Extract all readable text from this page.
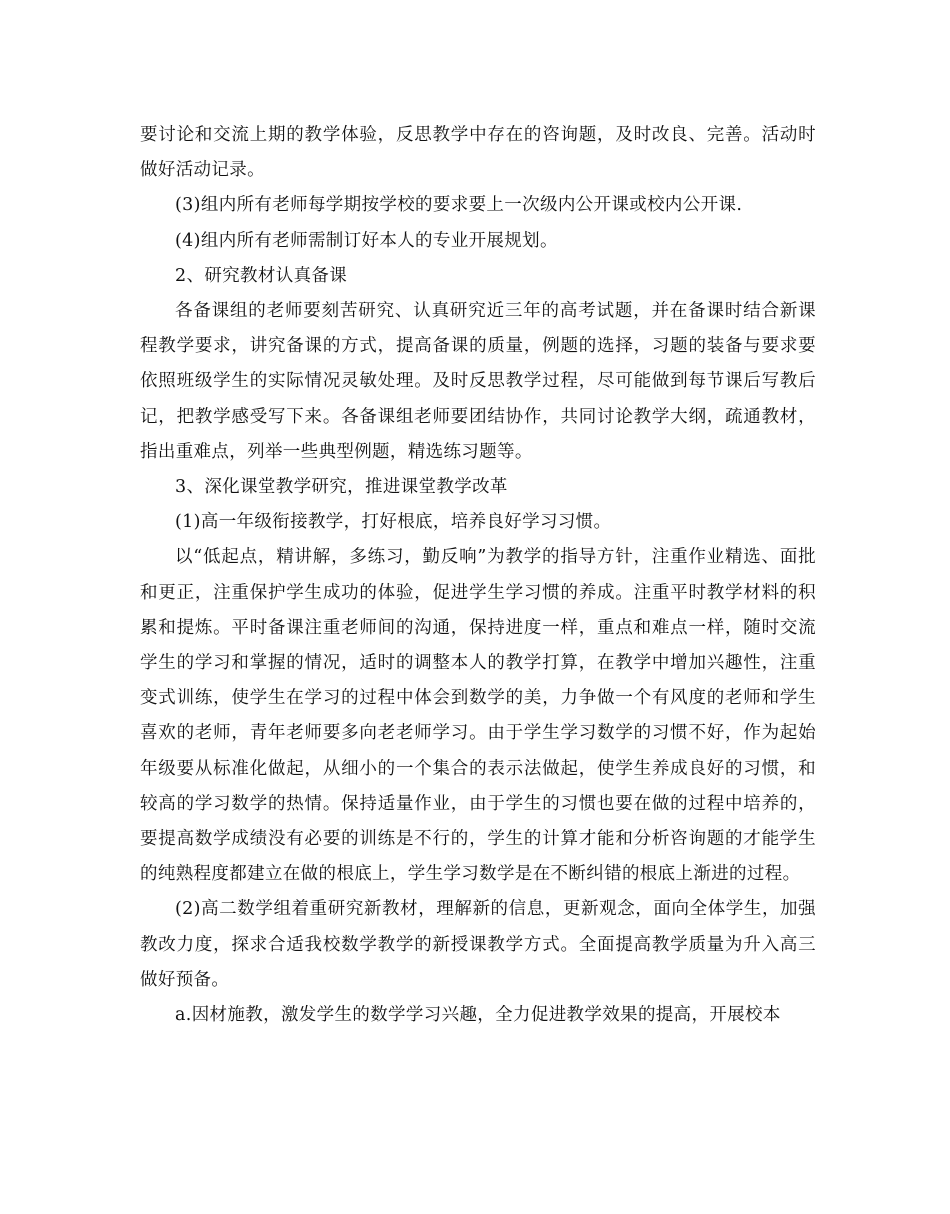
要讨论和交流上期的教学体验，反思教学中存在的咨询题，及时改良、完善。活动时做好活动记录。

(3)组内所有老师每学期按学校的要求要上一次级内公开课或校内公开课.

(4)组内所有老师需制订好本人的专业开展规划。

2、研究教材认真备课

各备课组的老师要刻苦研究、认真研究近三年的高考试题，并在备课时结合新课程教学要求，讲究备课的方式，提高备课的质量，例题的选择，习题的装备与要求要依照班级学生的实际情况灵敏处理。及时反思教学过程，尽可能做到每节课后写教后记，把教学感受写下来。各备课组老师要团结协作，共同讨论教学大纲，疏通教材，指出重难点，列举一些典型例题，精选练习题等。

3、深化课堂教学研究，推进课堂教学改革

(1)高一年级衔接教学，打好根底，培养良好学习习惯。

以“低起点，精讲解，多练习，勤反响”为教学的指导方针，注重作业精选、面批和更正，注重保护学生成功的体验，促进学生学习惯的养成。注重平时教学材料的积累和提炼。平时备课注重老师间的沟通，保持进度一样，重点和难点一样，随时交流学生的学习和掌握的情况，适时的调整本人的教学打算，在教学中增加兴趣性，注重变式训练，使学生在学习的过程中体会到数学的美，力争做一个有风度的老师和学生喜欢的老师，青年老师要多向老老师学习。由于学生学习数学的习惯不好，作为起始年级要从标准化做起，从细小的一个集合的表示法做起，使学生养成良好的习惯，和较高的学习数学的热情。保持适量作业，由于学生的习惯也要在做的过程中培养的，要提高数学成绩没有必要的训练是不行的，学生的计算才能和分析咨询题的才能学生的纯熟程度都建立在做的根底上，学生学习数学是在不断纠错的根底上渐进的过程。

(2)高二数学组着重研究新教材，理解新的信息，更新观念，面向全体学生，加强教改力度，探求合适我校数学教学的新授课教学方式。全面提高教学质量为升入高三做好预备。

a.因材施教，激发学生的数学学习兴趣，全力促进教学效果的提高，开展校本
